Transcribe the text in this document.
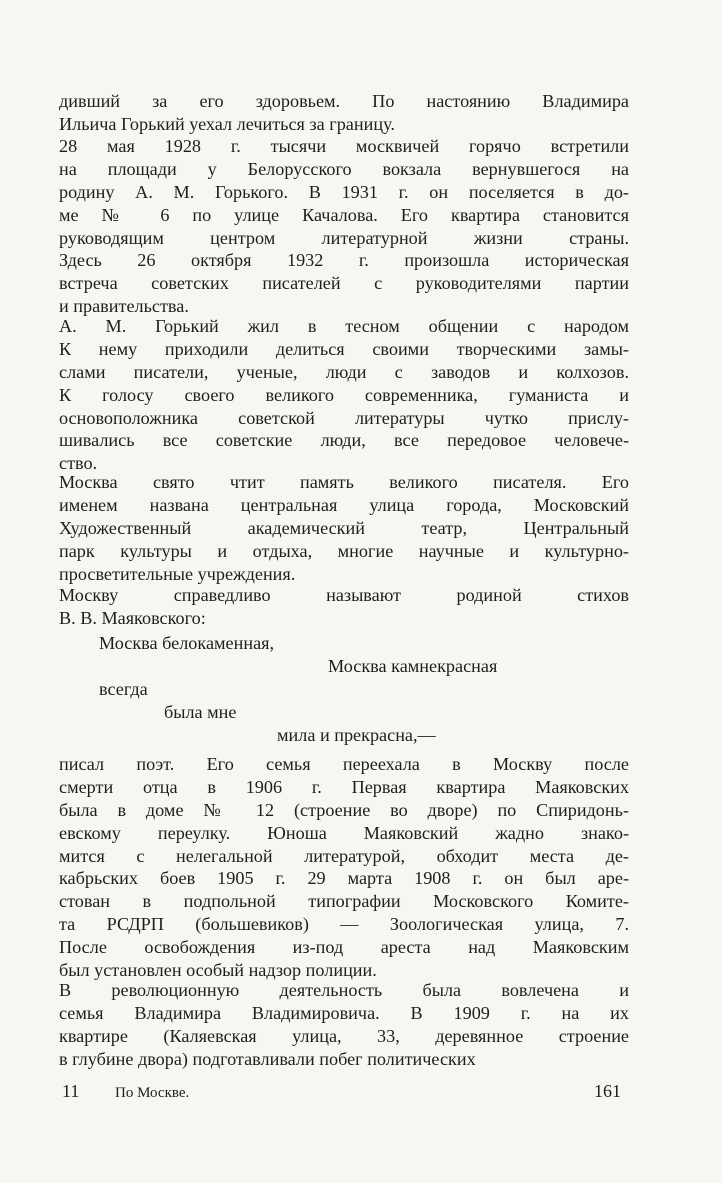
дивший за его здоровьем. По настоянию Владимира
Ильича Горький уехал лечиться за границу.
28 мая 1928 г. тысячи москвичей горячо встретили
на площади у Белорусского вокзала вернувшегося на
родину А. М. Горького. В 1931 г. он поселяется в до-
ме № 6 по улице Качалова. Его квартира становится
руководящим центром литературной жизни страны.
Здесь 26 октября 1932 г. произошла историческая
встреча советских писателей с руководителями партии
и правительства.
А. М. Горький жил в тесном общении с народом
К нему приходили делиться своими творческими замы-
слами писатели, ученые, люди с заводов и колхозов.
К голосу своего великого современника, гуманиста и
основоположника советской литературы чутко прислу-
шивались все советские люди, все передовое человече-
ство.
Москва свято чтит память великого писателя. Его
именем названа центральная улица города, Московский
Художественный академический театр, Центральный
парк культуры и отдыха, многие научные и культурно-
просветительные учреждения.
Москву справедливо называют родиной стихов
В. В. Маяковского:
Москва белокаменная,
Москва камнекрасная
всегда
была мне
мила и прекрасна,—
писал поэт. Его семья переехала в Москву после
смерти отца в 1906 г. Первая квартира Маяковских
была в доме № 12 (строение во дворе) по Спиридонь-
евскому переулку. Юноша Маяковский жадно знако-
мится с нелегальной литературой, обходит места де-
кабрьских боев 1905 г. 29 марта 1908 г. он был аре-
стован в подпольной типографии Московского Комите-
та РСДРП (большевиков) — Зоологическая улица, 7.
После освобождения из-под ареста над Маяковским
был установлен особый надзор полиции.
В революционную деятельность была вовлечена и
семья Владимира Владимировича. В 1909 г. на их
квартире (Каляевская улица, 33, деревянное строение
в глубине двора) подготавливали побег политических
11 По Москве.	161
